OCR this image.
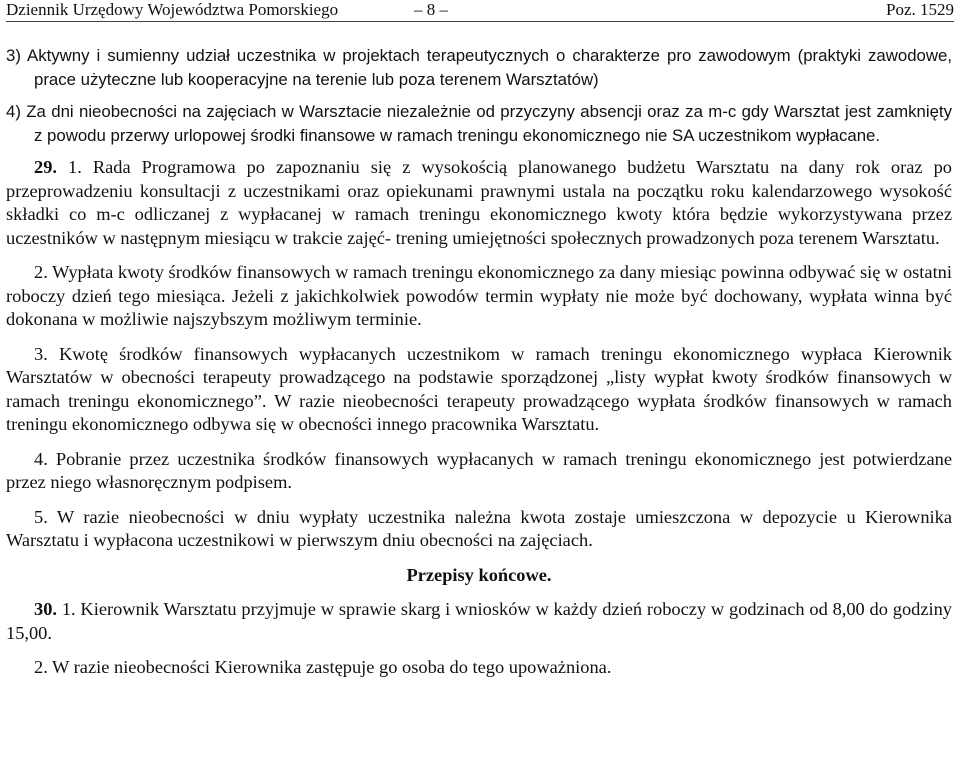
Dziennik Urzędowy Województwa Pomorskiego	– 8 –	Poz. 1529

3) Aktywny i sumienny udział uczestnika w projektach terapeutycznych o charakterze pro zawodowym (praktyki zawodowe, prace użyteczne lub kooperacyjne na terenie lub poza terenem Warsztatów)

4) Za dni nieobecności na zajęciach w Warsztacie niezależnie od przyczyny absencji oraz za m-c gdy Warsztat jest zamknięty z powodu przerwy urlopowej środki finansowe w ramach treningu ekonomicznego nie SA uczestnikom wypłacane.

29. 1. Rada Programowa po zapoznaniu się z wysokością planowanego budżetu Warsztatu na dany rok oraz po przeprowadzeniu konsultacji z uczestnikami oraz opiekunami prawnymi ustala na początku roku kalendarzowego wysokość składki co m-c odliczanej z wypłacanej w ramach treningu ekonomicznego kwoty która będzie wykorzystywana przez uczestników w następnym miesiącu w trakcie zajęć- trening umiejętności społecznych prowadzonych poza terenem Warsztatu.

2. Wypłata kwoty środków finansowych w ramach treningu ekonomicznego za dany miesiąc powinna odbywać się w ostatni roboczy dzień tego miesiąca. Jeżeli z jakichkolwiek powodów termin wypłaty nie może być dochowany, wypłata winna być dokonana w możliwie najszybszym możliwym terminie.

3. Kwotę środków finansowych wypłacanych uczestnikom w ramach treningu ekonomicznego wypłaca Kierownik Warsztatów w obecności terapeuty prowadzącego na podstawie sporządzonej „listy wypłat kwoty środków finansowych w ramach treningu ekonomicznego”. W razie nieobecności terapeuty prowadzącego wypłata środków finansowych w ramach treningu ekonomicznego odbywa się w obecności innego pracownika Warsztatu.

4. Pobranie przez uczestnika środków finansowych wypłacanych w ramach treningu ekonomicznego jest potwierdzane przez niego własnoręcznym podpisem.

5. W razie nieobecności w dniu wypłaty uczestnika należna kwota zostaje umieszczona w depozycie u Kierownika Warsztatu i wypłacona uczestnikowi w pierwszym dniu obecności na zajęciach.

Przepisy końcowe.

30. 1. Kierownik Warsztatu przyjmuje w sprawie skarg i wniosków w każdy dzień roboczy w godzinach od 8,00 do godziny 15,00.

2. W razie nieobecności Kierownika zastępuje go osoba do tego upoważniona.
